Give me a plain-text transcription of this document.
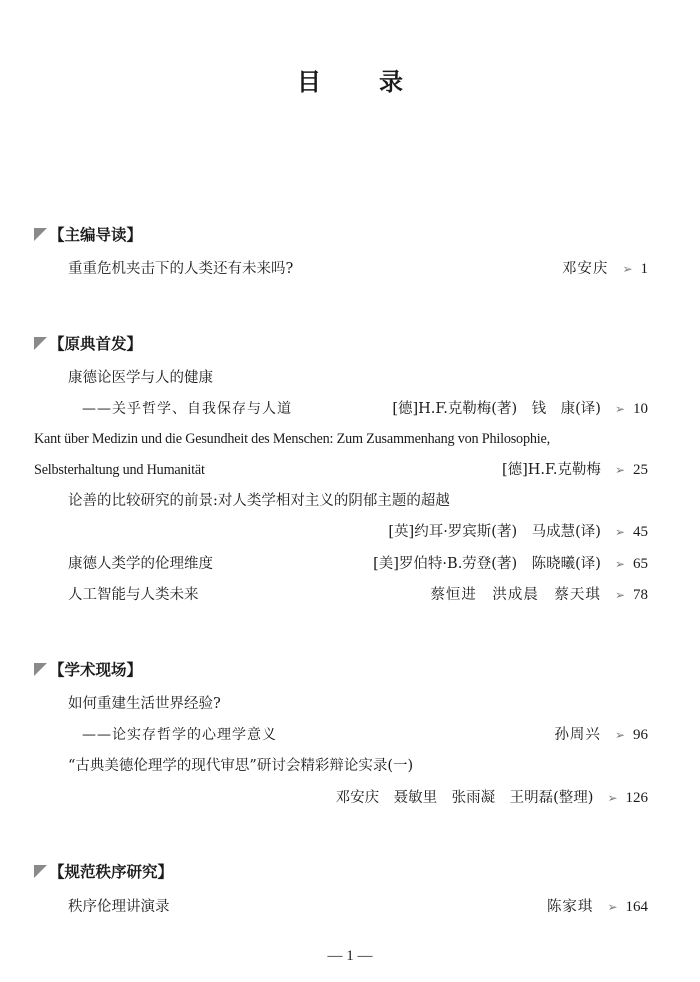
目 录
【主编导读】
重重危机夹击下的人类还有未来吗?	邓安庆 ➢ 1
【原典首发】
康德论医学与人的健康
——关乎哲学、自我保存与人道	[德]H.F.克勒梅(著)　钱　康(译) ➢ 10
Kant über Medizin und die Gesundheit des Menschen: Zum Zusammenhang von Philosophie,
Selbsterhaltung und Humanität	[德]H.F.克勒梅 ➢ 25
论善的比较研究的前景:对人类学相对主义的阴郁主题的超越
[英]约耳·罗宾斯(著)　马成慧(译) ➢ 45
康德人类学的伦理维度	[美]罗伯特·B.劳登(著)　陈晓曦(译) ➢ 65
人工智能与人类未来	蔡恒进　洪成晨　蔡天琪 ➢ 78
【学术现场】
如何重建生活世界经验?
——论实存哲学的心理学意义	孙周兴 ➢ 96
“古典美德伦理学的现代审思”研讨会精彩辩论实录(一)
邓安庆　聂敏里　张雨凝　王明磊(整理) ➢ 126
【规范秩序研究】
秩序伦理讲演录	陈家琪 ➢ 164
— 1 —
